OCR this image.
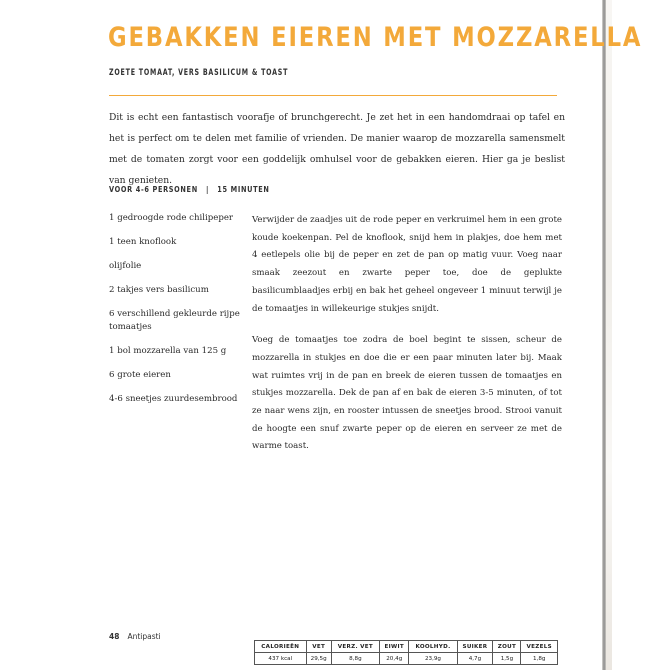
GEBAKKEN EIEREN MET MOZZARELLA
ZOETE TOMAAT, VERS BASILICUM & TOAST

Dit is echt een fantastisch voorafje of brunchgerecht. Je zet het in een handomdraai op tafel en het is perfect om te delen met familie of vrienden. De manier waarop de mozzarella samensmelt met de tomaten zorgt voor een goddelijk omhulsel voor de gebakken eieren. Hier ga je beslist van genieten.

VOOR 4-6 PERSONEN | 15 MINUTEN
1 gedroogde rode chilipeper
1 teen knoflook
olijfolie
2 takjes vers basilicum
6 verschillend gekleurde rijpe tomaatjes
1 bol mozzarella van 125 g
6 grote eieren
4-6 sneetjes zuurdesembrood

Verwijder de zaadjes uit de rode peper en verkruimel hem in een grote koude koekenpan. Pel de knoflook, snijd hem in plakjes, doe hem met 4 eetlepels olie bij de peper en zet de pan op matig vuur. Voeg naar smaak zeezout en zwarte peper toe, doe de geplukte basilicumblaadjes erbij en bak het geheel ongeveer 1 minuut terwijl je de tomaatjes in willekeurige stukjes snijdt.

Voeg de tomaatjes toe zodra de boel begint te sissen, scheur de mozzarella in stukjes en doe die er een paar minuten later bij. Maak wat ruimtes vrij in de pan en breek de eieren tussen de tomaatjes en stukjes mozzarella. Dek de pan af en bak de eieren 3-5 minuten, of tot ze naar wens zijn, en rooster intussen de sneetjes brood. Strooi vanuit de hoogte een snuf zwarte peper op de eieren en serveer ze met de warme toast.

48 Antipasti
CALORIEËN	VET	VERZ. VET	EIWIT	KOOLHYD.	SUIKER	ZOUT	VEZELS
437 kcal	29,5g	8,8g	20,4g	23,9g	4,7g	1,5g	1,8g
